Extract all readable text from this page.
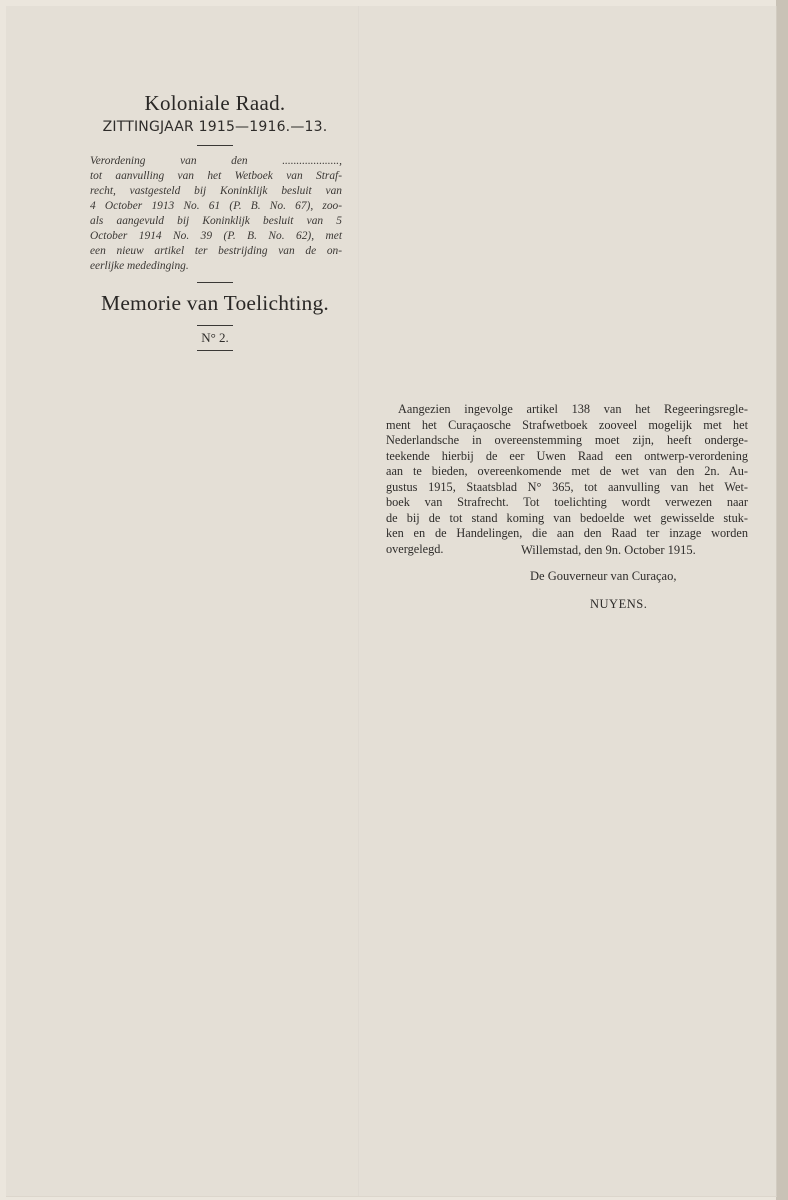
Koloniale Raad.

ZITTINGJAAR 1915—1916.—13.

Verordening van den ....................,
tot aanvulling van het Wetboek van Straf-
recht, vastgesteld bij Koninklijk besluit van
4 October 1913 No. 61 (P. B. No. 67), zoo-
als aangevuld bij Koninklijk besluit van 5
October 1914 No. 39 (P. B. No. 62), met
een nieuw artikel ter bestrijding van de on-
eerlijke mededinging.

Memorie van Toelichting.

N° 2.

Aangezien ingevolge artikel 138 van het Regeeringsregle-
ment het Curaçaosche Strafwetboek zooveel mogelijk met het
Nederlandsche in overeenstemming moet zijn, heeft onderge-
teekende hierbij de eer Uwen Raad een ontwerp-verordening
aan te bieden, overeenkomende met de wet van den 2n. Au-
gustus 1915, Staatsblad N° 365, tot aanvulling van het Wet-
boek van Strafrecht. Tot toelichting wordt verwezen naar
de bij de tot stand koming van bedoelde wet gewisselde stuk-
ken en de Handelingen, die aan den Raad ter inzage worden
overgelegd.	Willemstad, den 9n. October 1915.

De Gouverneur van Curaçao,

NUYENS.
